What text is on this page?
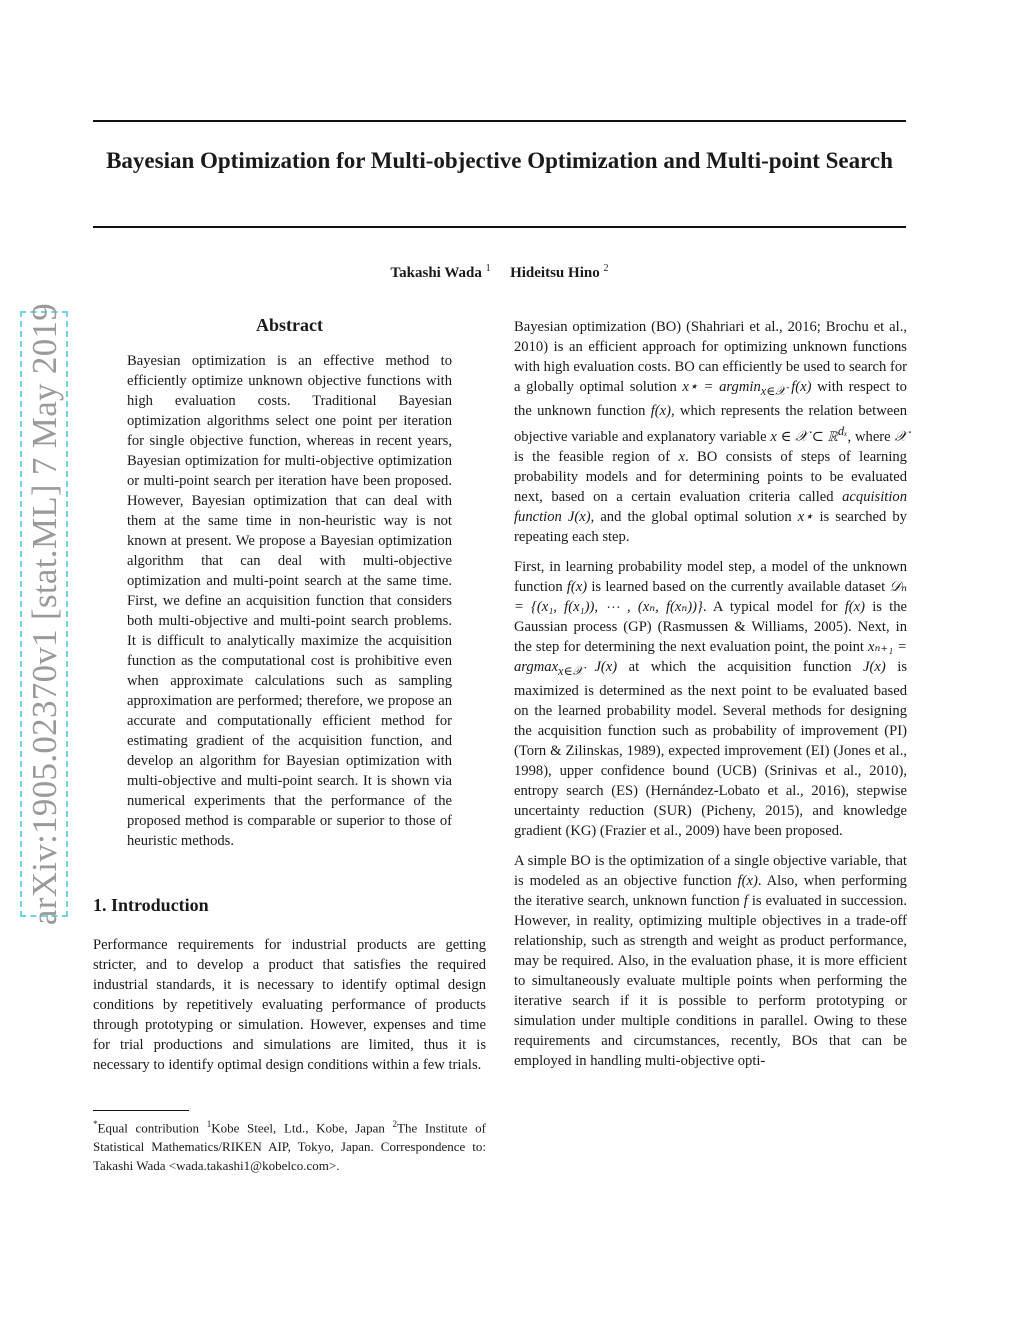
Bayesian Optimization for Multi-objective Optimization and Multi-point Search
Takashi Wada $^1$ Hideitsu Hino $^2$
arXiv:1905.02370v1 [stat.ML] 7 May 2019	Abstract

Bayesian optimization is an effective method to efficiently optimize unknown objective functions with high evaluation costs. Traditional Bayesian optimization algorithms select one point per iteration for single objective function, whereas in recent years, Bayesian optimization for multi-objective optimization or multi-point search per iteration have been proposed. However, Bayesian optimization that can deal with them at the same time in non-heuristic way is not known at present. We propose a Bayesian optimization algorithm that can deal with multi-objective optimization and multi-point search at the same time. First, we define an acquisition function that considers both multi-objective and multi-point search problems. It is difficult to analytically maximize the acquisition function as the computational cost is prohibitive even when approximate calculations such as sampling approximation are performed; therefore, we propose an accurate and computationally efficient method for estimating gradient of the acquisition function, and develop an algorithm for Bayesian optimization with multi-objective and multi-point search. It is shown via numerical experiments that the performance of the proposed method is comparable or superior to those of heuristic methods.

1. Introduction

Performance requirements for industrial products are getting stricter, and to develop a product that satisfies the required industrial standards, it is necessary to identify optimal design conditions by repetitively evaluating performance of products through prototyping or simulation. However, expenses and time for trial productions and simulations are limited, thus it is necessary to identify optimal design conditions within a few trials.

Bayesian optimization (BO) (Shahriari et al., 2016; Brochu et al., 2010) is an efficient approach for optimizing unknown functions with high evaluation costs. BO can efficiently be used to search for a globally optimal solution x⋆ = argmin$_{x\in 𝒳}$ f(x) with respect to the unknown function f(x), which represents the relation between objective variable and explanatory variable x ∈ 𝒳 ⊂ ℝ$^{d_x}$, where 𝒳 is the feasible region of x. BO consists of steps of learning probability models and for determining points to be evaluated next, based on a certain evaluation criteria called acquisition function J(x), and the global optimal solution x⋆ is searched by repeating each step.

First, in learning probability model step, a model of the unknown function f(x) is learned based on the currently available dataset 𝒟ₙ = {(x₁, f(x₁)), ⋯ , (xₙ, f(xₙ))}. A typical model for f(x) is the Gaussian process (GP) (Rasmussen & Williams, 2005). Next, in the step for determining the next evaluation point, the point xₙ₊₁ = argmax$_{x\in 𝒳}$ J(x) at which the acquisition function J(x) is maximized is determined as the next point to be evaluated based on the learned probability model. Several methods for designing the acquisition function such as probability of improvement (PI) (Torn & Zilinskas, 1989), expected improvement (EI) (Jones et al., 1998), upper confidence bound (UCB) (Srinivas et al., 2010), entropy search (ES) (Hernández-Lobato et al., 2016), stepwise uncertainty reduction (SUR) (Picheny, 2015), and knowledge gradient (KG) (Frazier et al., 2009) have been proposed.

A simple BO is the optimization of a single objective variable, that is modeled as an objective function f(x). Also, when performing the iterative search, unknown function f is evaluated in succession. However, in reality, optimizing multiple objectives in a trade-off relationship, such as strength and weight as product performance, may be required. Also, in the evaluation phase, it is more efficient to simultaneously evaluate multiple points when performing the iterative search if it is possible to perform prototyping or simulation under multiple conditions in parallel. Owing to these requirements and circumstances, recently, BOs that can be employed in handling multi-objective opti-

*Equal contribution $^1$Kobe Steel, Ltd., Kobe, Japan $^2$The Institute of Statistical Mathematics/RIKEN AIP, Tokyo, Japan. Correspondence to: Takashi Wada <wada.takashi1@kobelco.com>.
